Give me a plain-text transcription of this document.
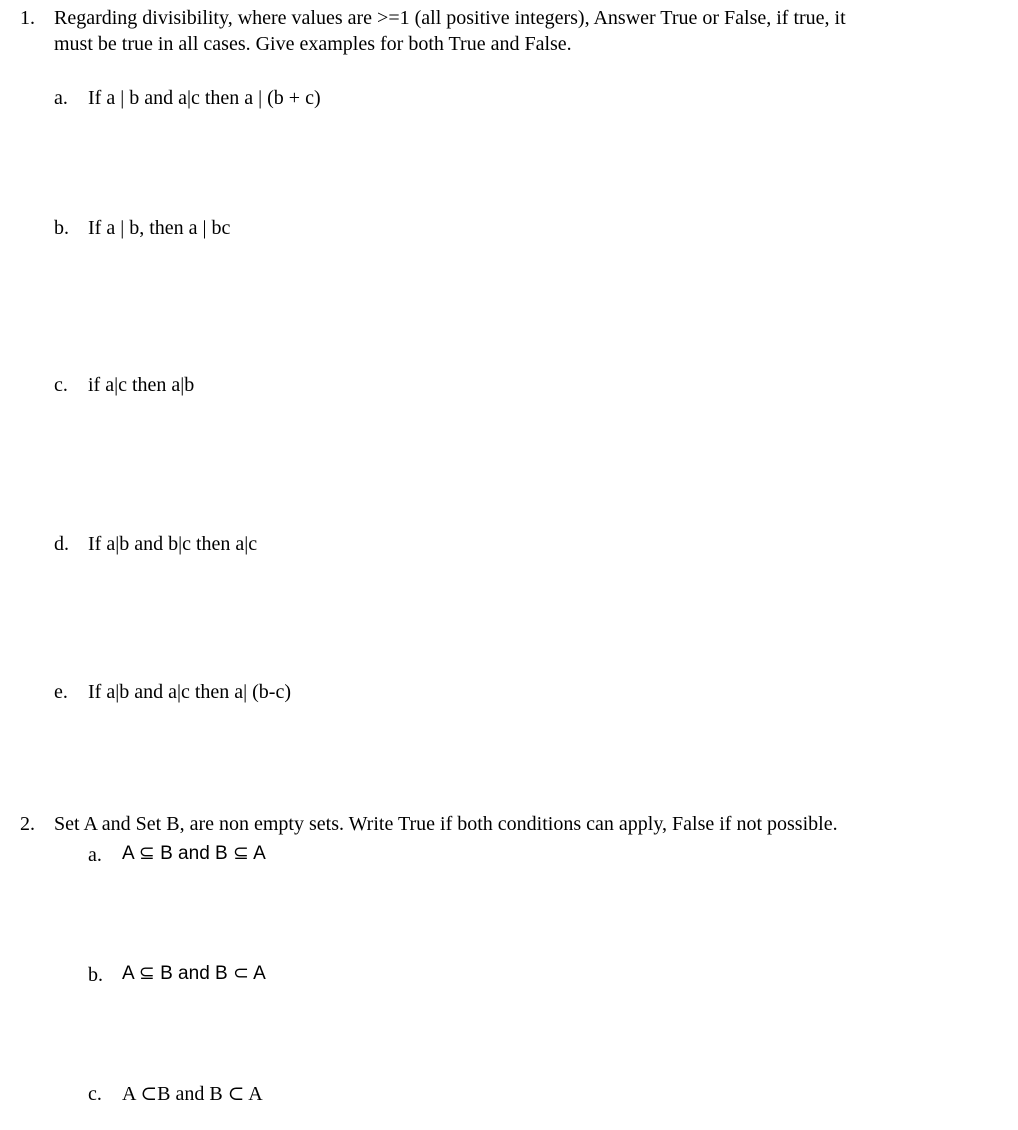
1. Regarding divisibility, where values are >=1 (all positive integers), Answer True or False, if true, it
must be true in all cases. Give examples for both True and False.
a. If a | b and a|c then a | (b + c)
b. If a | b, then a | bc
c. if a|c then a|b
d. If a|b and b|c then a|c
e. If a|b and a|c then a| (b-c)
2. Set A and Set B, are non empty sets. Write True if both conditions can apply, False if not possible.
a. A ⊆ B and B ⊆ A
b. A ⊆ B and B ⊂ A
c. A ⊂B and B ⊂ A
